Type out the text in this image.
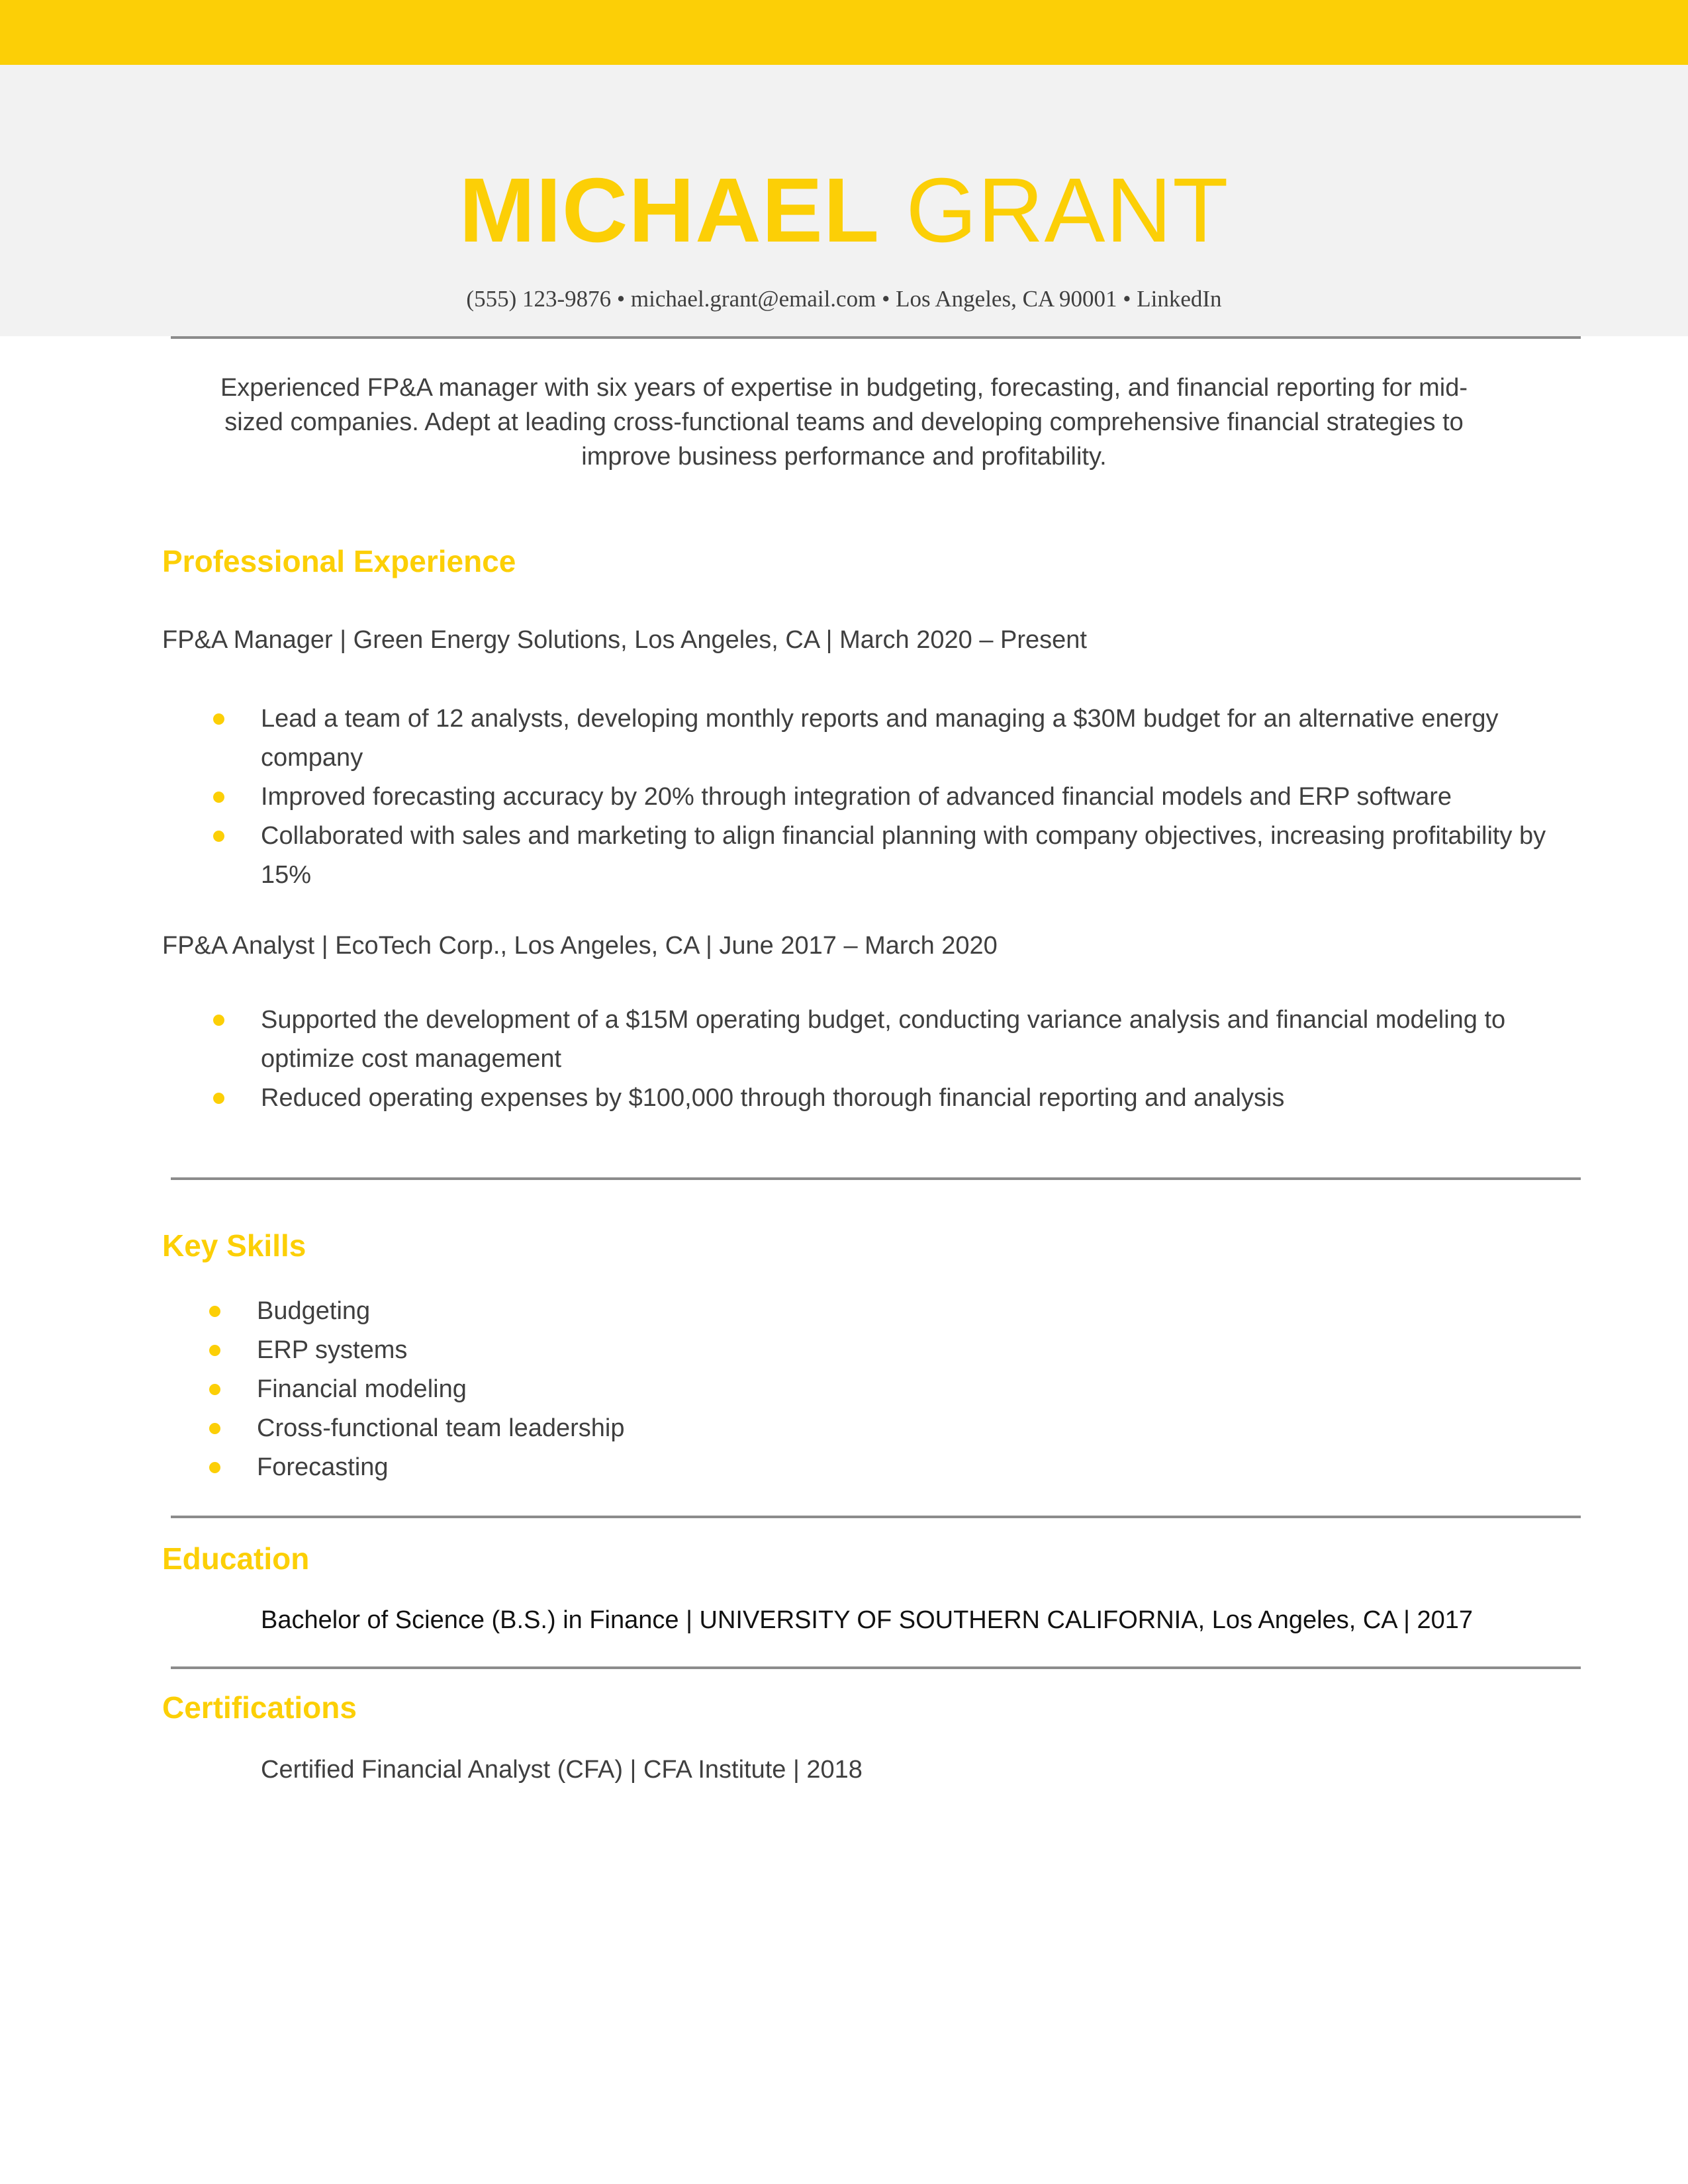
MICHAEL GRANT
(555) 123-9876 • michael.grant@email.com • Los Angeles, CA 90001 • LinkedIn
Experienced FP&A manager with six years of expertise in budgeting, forecasting, and financial reporting for mid-sized companies. Adept at leading cross-functional teams and developing comprehensive financial strategies to improve business performance and profitability.
Professional Experience
FP&A Manager | Green Energy Solutions, Los Angeles, CA | March 2020 – Present
Lead a team of 12 analysts, developing monthly reports and managing a $30M budget for an alternative energy company
Improved forecasting accuracy by 20% through integration of advanced financial models and ERP software
Collaborated with sales and marketing to align financial planning with company objectives, increasing profitability by 15%
FP&A Analyst | EcoTech Corp., Los Angeles, CA | June 2017 – March 2020
Supported the development of a $15M operating budget, conducting variance analysis and financial modeling to optimize cost management
Reduced operating expenses by $100,000 through thorough financial reporting and analysis
Key Skills
Budgeting
ERP systems
Financial modeling
Cross-functional team leadership
Forecasting
Education
Bachelor of Science (B.S.) in Finance | UNIVERSITY OF SOUTHERN CALIFORNIA, Los Angeles, CA | 2017
Certifications
Certified Financial Analyst (CFA) | CFA Institute | 2018
